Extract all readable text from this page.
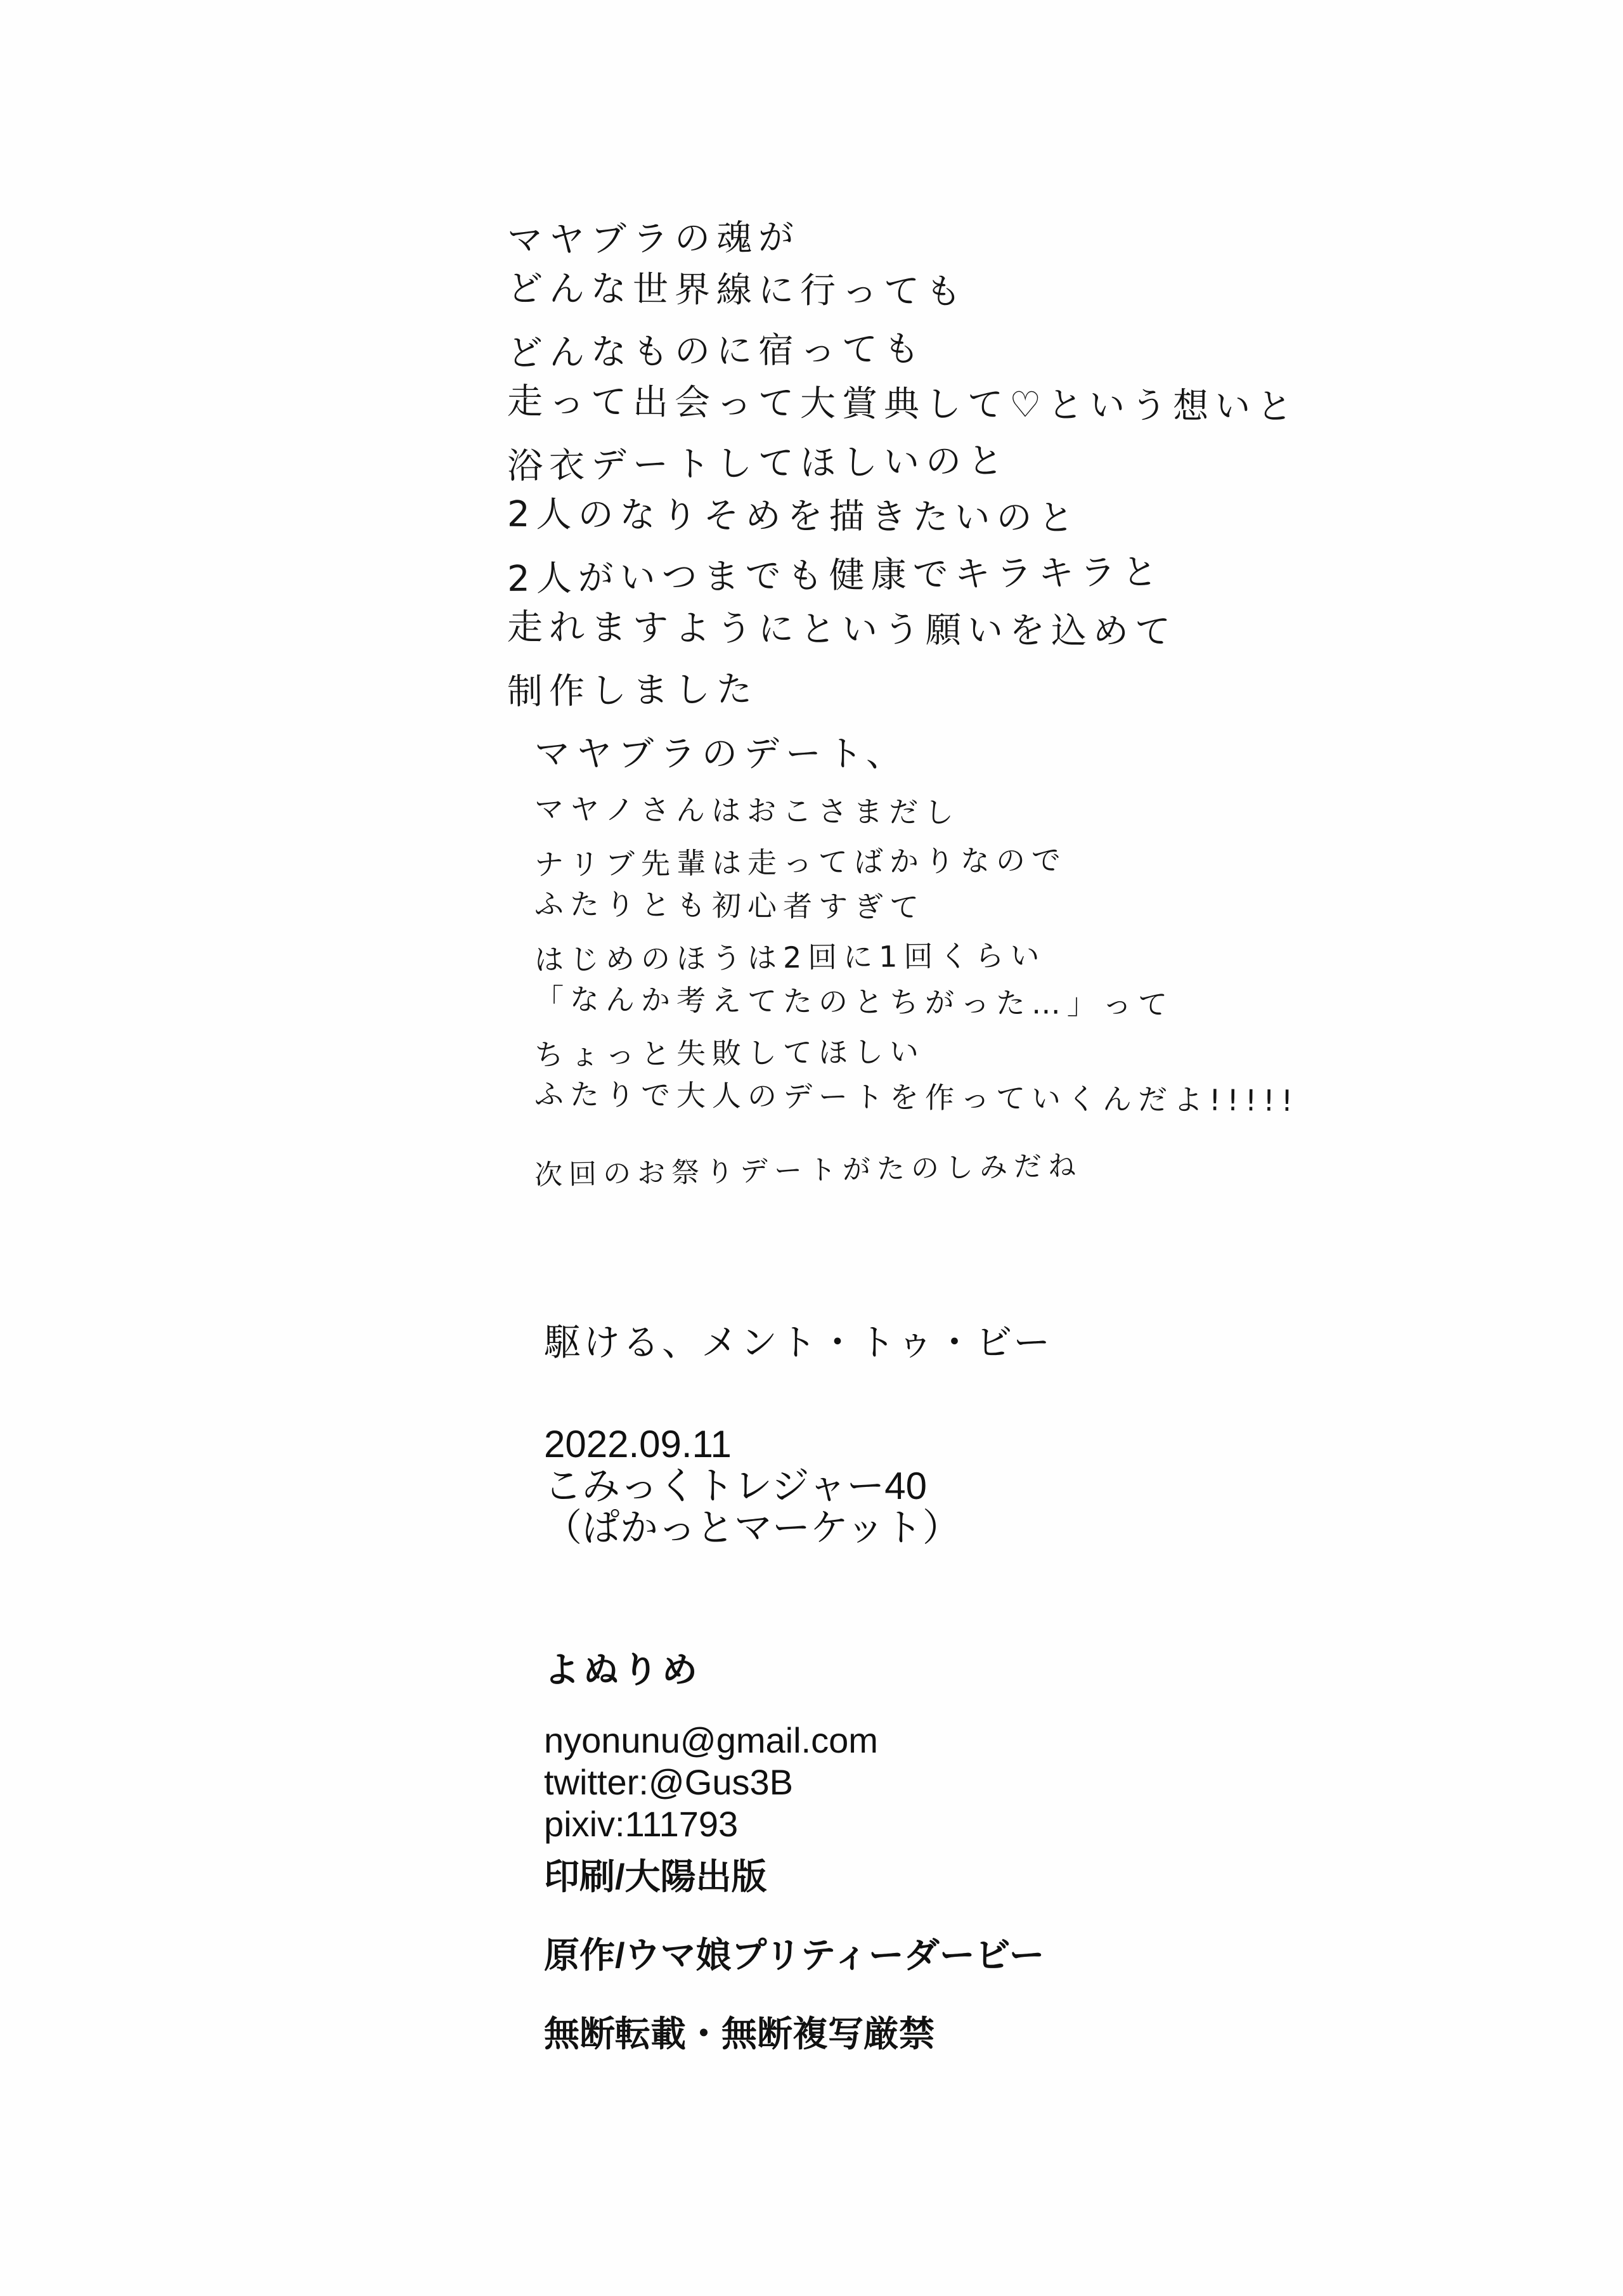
マヤブラの魂が
どんな世界線に行っても
どんなものに宿っても
走って出会って大賞典して♡という想いと
浴衣デートしてほしいのと
2人のなりそめを描きたいのと
2人がいつまでも健康でキラキラと
走れますようにという願いを込めて
制作しました
マヤブラのデート、
マヤノさんはおこさまだし
ナリブ先輩は走ってばかりなので
ふたりとも初心者すぎて
はじめのほうは2回に1回くらい
「なんか考えてたのとちがった…」って
ちょっと失敗してほしい
ふたりで大人のデートを作っていくんだよ!!!!!
次回のお祭りデートがたのしみだね
駆ける、メント・トゥ・ビー
2022.09.11
こみっくトレジャー40
（ぱかっとマーケット）
よぬりめ
nyonunu@gmail.com
twitter:@Gus3B
pixiv:111793
印刷/大陽出版
原作/ウマ娘プリティーダービー
無断転載・無断複写厳禁
